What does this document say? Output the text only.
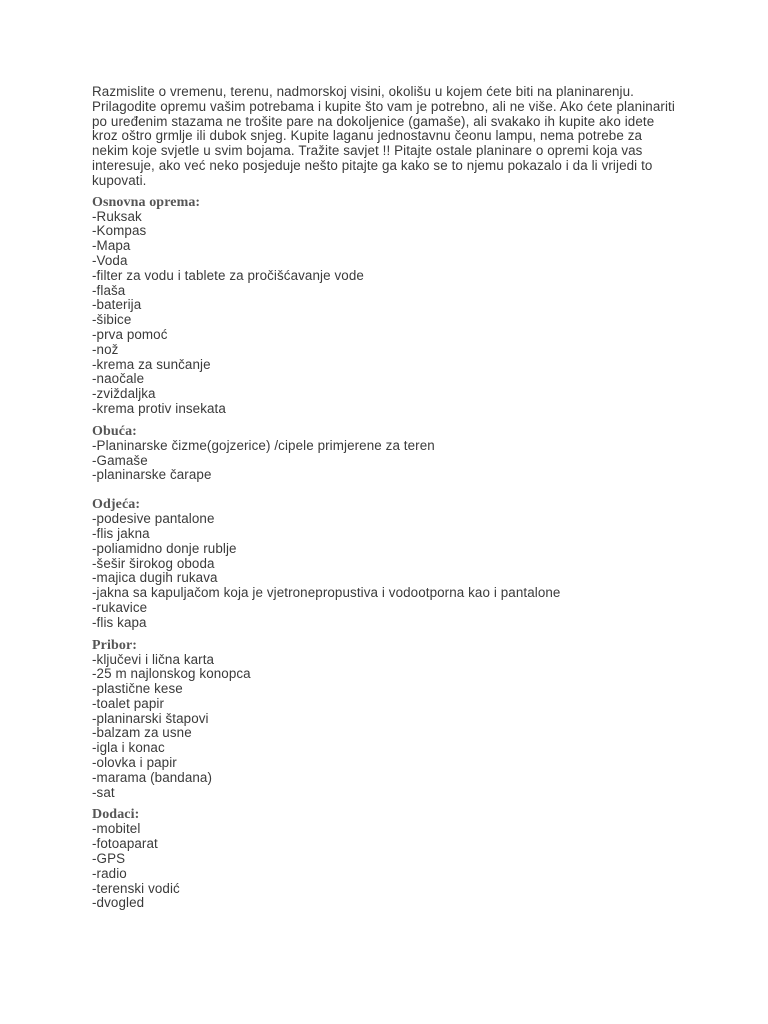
Razmislite o vremenu, terenu, nadmorskoj visini, okolišu u kojem ćete biti na planinarenju.
Prilagodite opremu vašim potrebama i kupite što vam je potrebno, ali ne više. Ako ćete planinariti
po uređenim stazama ne trošite pare na dokoljenice (gamaše), ali svakako ih kupite ako idete
kroz oštro grmlje ili dubok snjeg. Kupite laganu jednostavnu čeonu lampu, nema potrebe za
nekim koje svjetle u svim bojama. Tražite savjet !! Pitajte ostale planinare o opremi koja vas
interesuje, ako već neko posjeduje nešto pitajte ga kako se to njemu pokazalo i da li vrijedi to
kupovati.

Osnovna oprema:
-Ruksak
-Kompas
-Mapa
-Voda
-filter za vodu i tablete za pročišćavanje vode
-flaša
-baterija
-šibice
-prva pomoć
-nož
-krema za sunčanje
-naočale
-zviždaljka
-krema protiv insekata
Obuća:
-Planinarske čizme(gojzerice) /cipele primjerene za teren
-Gamaše
-planinarske čarape
Odjeća:
-podesive pantalone
-flis jakna
-poliamidno donje rublje
-šešir širokog oboda
-majica dugih rukava
-jakna sa kapuljačom koja je vjetronepropustiva i vodootporna kao i pantalone
-rukavice
-flis kapa
Pribor:
-ključevi i lična karta
-25 m najlonskog konopca
-plastične kese
-toalet papir
-planinarski štapovi
-balzam za usne
-igla i konac
-olovka i papir
-marama (bandana)
-sat
Dodaci:
-mobitel
-fotoaparat
-GPS
-radio
-terenski vodić
-dvogled
